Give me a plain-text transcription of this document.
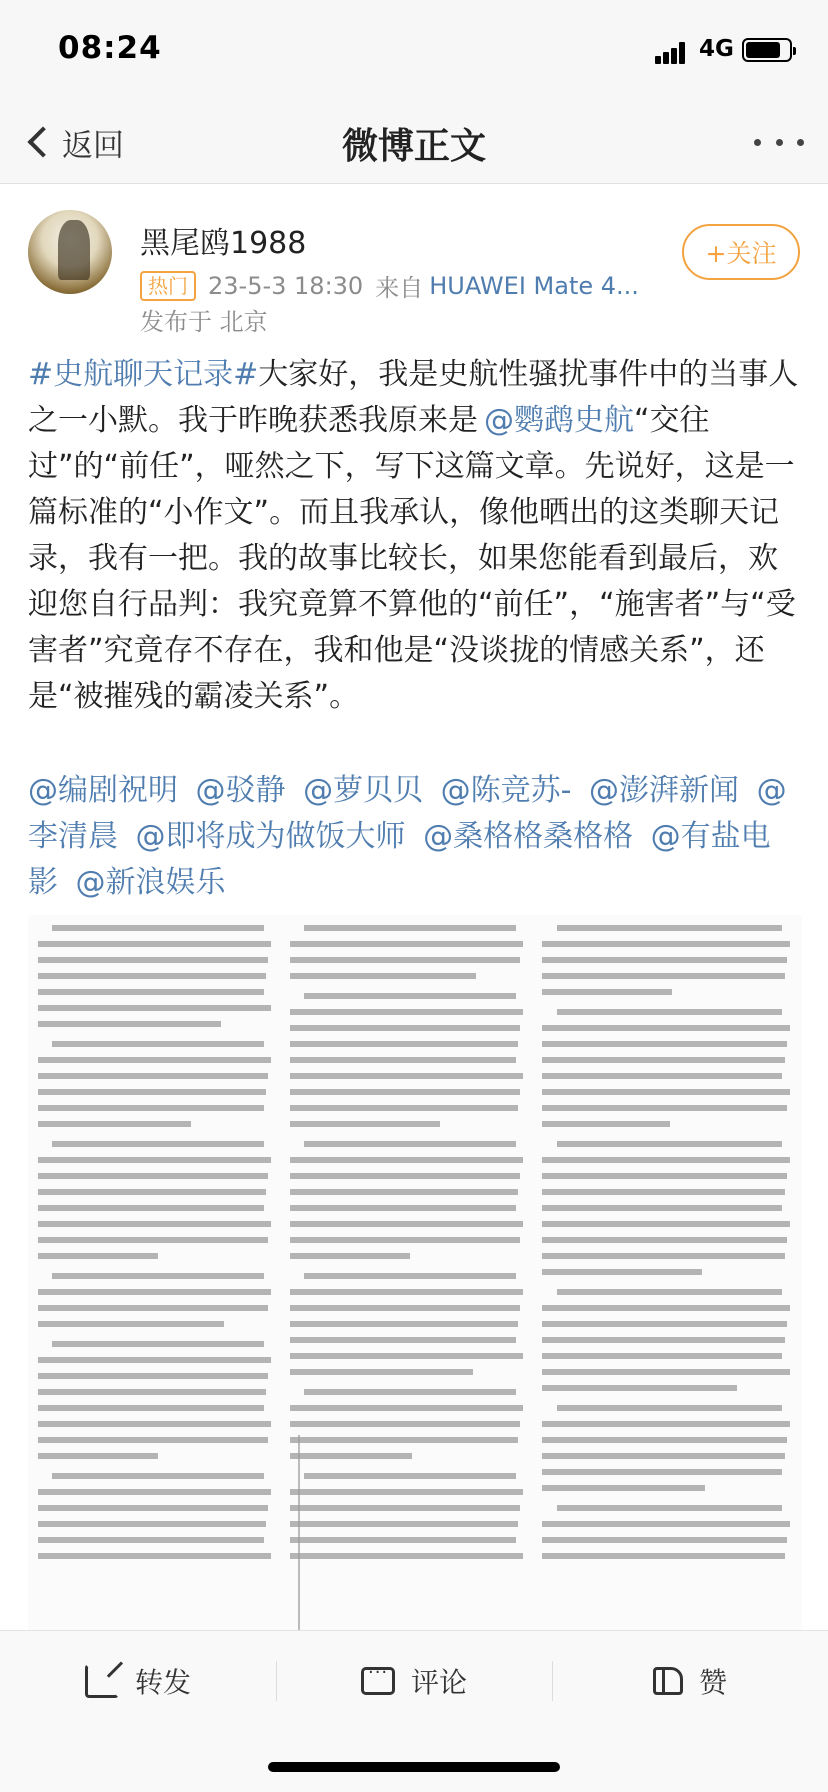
08:24	4G
返回	微博正文
黑尾鸥1988
热门 23-5-3 18:30 来自 HUAWEI Mate 4...
发布于 北京
+关注
#史航聊天记录#大家好，我是史航性骚扰事件中的当事人之一小默。我于昨晚获悉我原来是 @鹦鹉史航“交往过”的“前任”，哑然之下，写下这篇文章。先说好，这是一篇标准的“小作文”。而且我承认，像他晒出的这类聊天记录，我有一把。我的故事比较长，如果您能看到最后，欢迎您自行品判：我究竟算不算他的“前任”，“施害者”与“受害者”究竟存不存在，我和他是“没谈拢的情感关系”，还是“被摧残的霸凌关系”。
@编剧祝明 @驳静 @萝贝贝 @陈竞苏- @澎湃新闻 @李清晨 @即将成为做饭大师 @桑格格桑格格 @有盐电影 @新浪娱乐
转发
···	评论	赞
